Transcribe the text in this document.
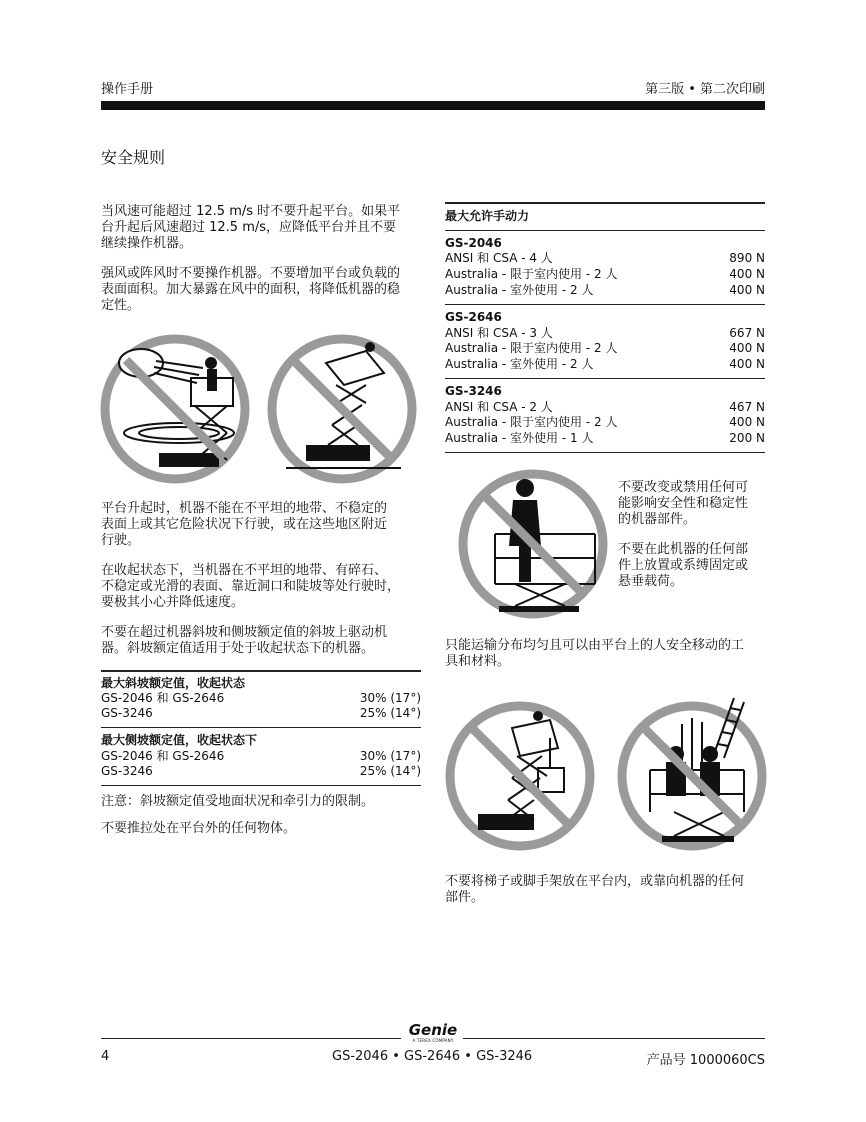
操作手册	第三版 • 第二次印刷
安全规则
当风速可能超过 12.5 m/s 时不要升起平台。如果平
台升起后风速超过 12.5 m/s，应降低平台并且不要
继续操作机器。
强风或阵风时不要操作机器。不要增加平台或负载的
表面面积。加大暴露在风中的面积，将降低机器的稳
定性。
平台升起时，机器不能在不平坦的地带、不稳定的
表面上或其它危险状况下行驶，或在这些地区附近
行驶。
在收起状态下，当机器在不平坦的地带、有碎石、
不稳定或光滑的表面、靠近洞口和陡坡等处行驶时，
要极其小心并降低速度。
不要在超过机器斜坡和侧坡额定值的斜坡上驱动机
器。斜坡额定值适用于处于收起状态下的机器。
最大斜坡额定值，收起状态
GS-2046 和 GS-2646	30% (17°)
GS-3246	25% (14°)
最大侧坡额定值，收起状态下
GS-2046 和 GS-2646	30% (17°)
GS-3246	25% (14°)
注意：斜坡额定值受地面状况和牵引力的限制。
不要推拉处在平台外的任何物体。
最大允许手动力
GS-2046
ANSI 和 CSA - 4 人	890 N
Australia - 限于室内使用 - 2 人	400 N
Australia - 室外使用 - 2 人	400 N
GS-2646
ANSI 和 CSA - 3 人	667 N
Australia - 限于室内使用 - 2 人	400 N
Australia - 室外使用 - 2 人	400 N
GS-3246
ANSI 和 CSA - 2 人	467 N
Australia - 限于室内使用 - 2 人	400 N
Australia - 室外使用 - 1 人	200 N
不要改变或禁用任何可
能影响安全性和稳定性
的机器部件。
不要在此机器的任何部
件上放置或系缚固定或
悬垂载荷。
只能运输分布均匀且可以由平台上的人安全移动的工
具和材料。
不要将梯子或脚手架放在平台内，或靠向机器的任何
部件。
Genie
A TEREX COMPANY
4	GS-2046 • GS-2646 • GS-3246	产品号 1000060CS
